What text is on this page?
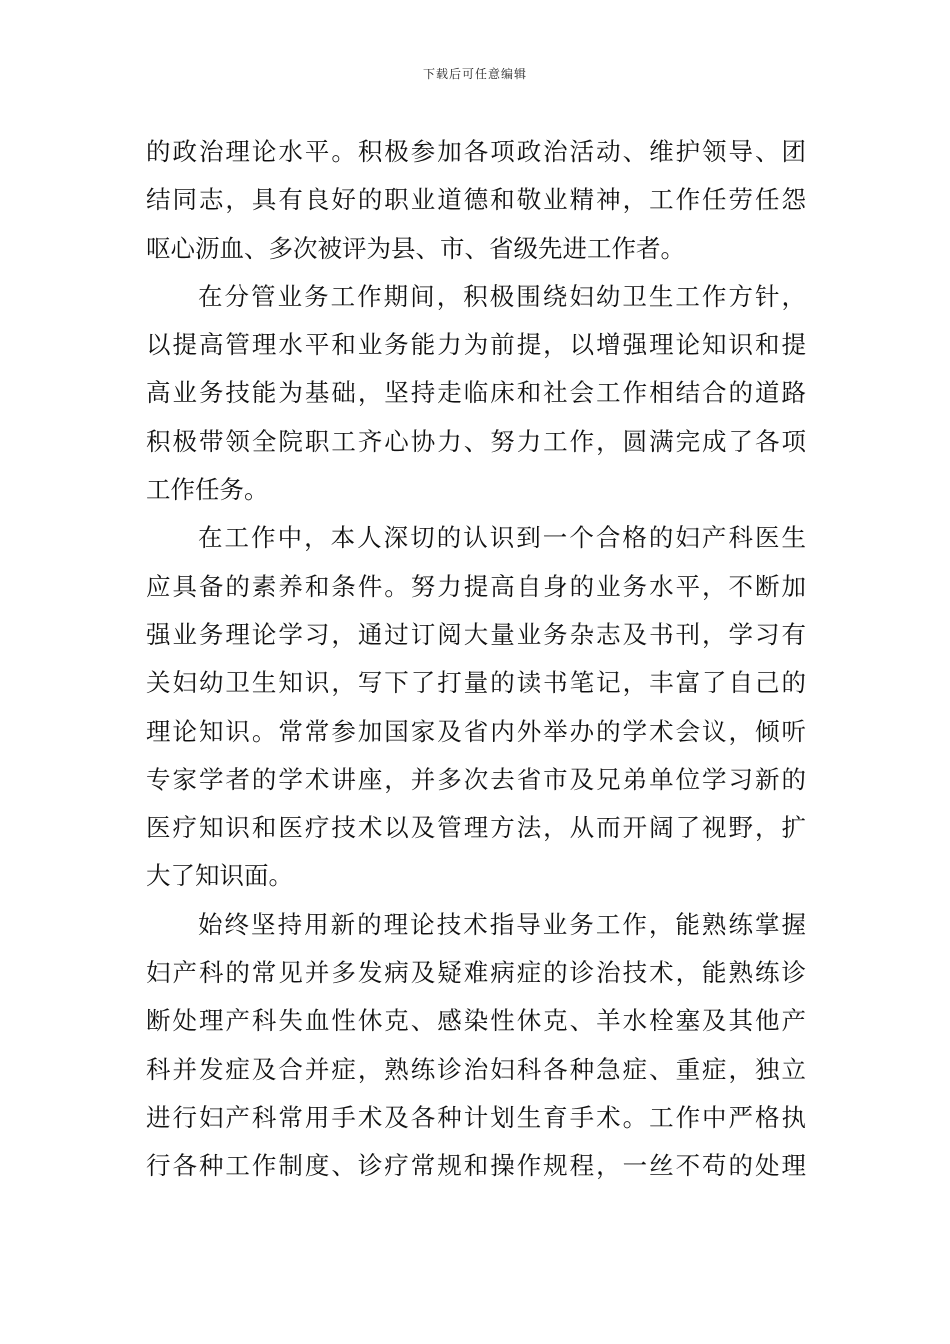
下载后可任意编辑
的政治理论水平。积极参加各项政治活动、维护领导、团
结同志，具有良好的职业道德和敬业精神，工作任劳任怨
呕心沥血、多次被评为县、市、省级先进工作者。
在分管业务工作期间，积极围绕妇幼卫生工作方针，
以提高管理水平和业务能力为前提，以增强理论知识和提
高业务技能为基础，坚持走临床和社会工作相结合的道路
积极带领全院职工齐心协力、努力工作，圆满完成了各项
工作任务。
在工作中，本人深切的认识到一个合格的妇产科医生
应具备的素养和条件。努力提高自身的业务水平，不断加
强业务理论学习，通过订阅大量业务杂志及书刊，学习有
关妇幼卫生知识，写下了打量的读书笔记，丰富了自己的
理论知识。常常参加国家及省内外举办的学术会议，倾听
专家学者的学术讲座，并多次去省市及兄弟单位学习新的
医疗知识和医疗技术以及管理方法，从而开阔了视野，扩
大了知识面。
始终坚持用新的理论技术指导业务工作，能熟练掌握
妇产科的常见并多发病及疑难病症的诊治技术，能熟练诊
断处理产科失血性休克、感染性休克、羊水栓塞及其他产
科并发症及合并症，熟练诊治妇科各种急症、重症，独立
进行妇产科常用手术及各种计划生育手术。工作中严格执
行各种工作制度、诊疗常规和操作规程，一丝不苟的处理
